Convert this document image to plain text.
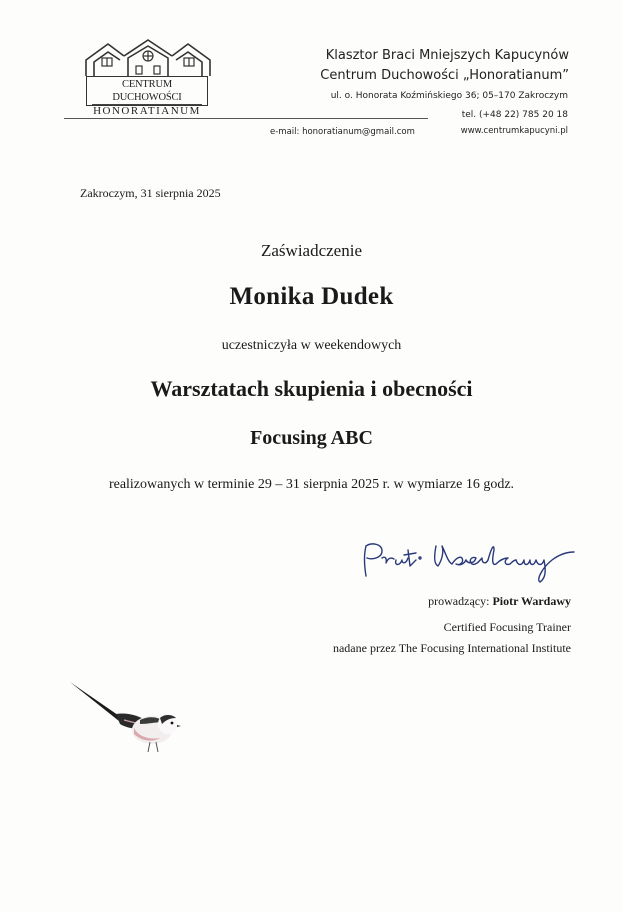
CENTRUM DUCHOWOŚCI
HONORATIANUM
Klasztor Braci Mniejszych Kapucynów
Centrum Duchowości „Honoratianum”
ul. o. Honorata Koźmińskiego 36; 05–170 Zakroczym
tel. (+48 22) 785 20 18
e-mail: honoratianum@gmail.com	www.centrumkapucyni.pl
Zakroczym, 31 sierpnia 2025
Zaświadczenie
Monika Dudek
uczestniczyła w weekendowych
Warsztatach skupienia i obecności
Focusing ABC
realizowanych w terminie 29 – 31 sierpnia 2025 r. w wymiarze 16 godz.
prowadzący: Piotr Wardawy
Certified Focusing Trainer
nadane przez The Focusing International Institute
